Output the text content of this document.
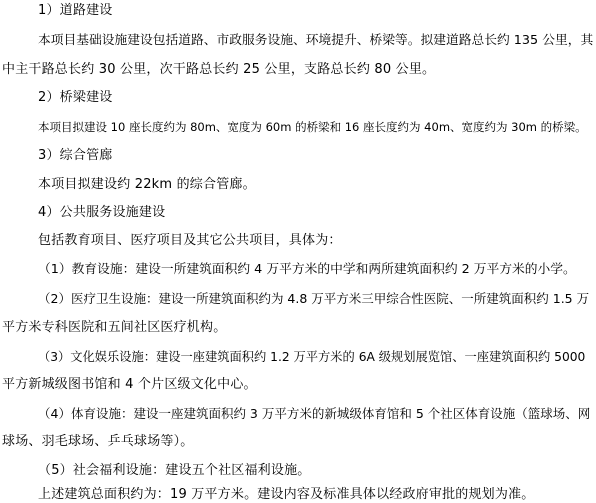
1）道路建设
本项目基础设施建设包括道路、市政服务设施、环境提升、桥梁等。拟建道路总长约 135 公里，其
中主干路总长约 30 公里，次干路总长约 25 公里，支路总长约 80 公里。
2）桥梁建设
本项目拟建设 10 座长度约为 80m、宽度为 60m 的桥梁和 16 座长度约为 40m、宽度约为 30m 的桥梁。
3）综合管廊
本项目拟建设约 22km 的综合管廊。
4）公共服务设施建设
包括教育项目、医疗项目及其它公共项目，具体为：
（1）教育设施：建设一所建筑面积约 4 万平方米的中学和两所建筑面积约 2 万平方米的小学。
（2）医疗卫生设施：建设一所建筑面积约为 4.8 万平方米三甲综合性医院、一所建筑面积约 1.5 万
平方米专科医院和五间社区医疗机构。
（3）文化娱乐设施：建设一座建筑面积约 1.2 万平方米的 6A 级规划展览馆、一座建筑面积约 5000
平方新城级图书馆和 4 个片区级文化中心。
（4）体育设施：建设一座建筑面积约 3 万平方米的新城级体育馆和 5 个社区体育设施（篮球场、网
球场、羽毛球场、乒乓球场等）。
（5）社会福利设施：建设五个社区福利设施。
上述建筑总面积约为：19 万平方米。建设内容及标准具体以经政府审批的规划为准。
